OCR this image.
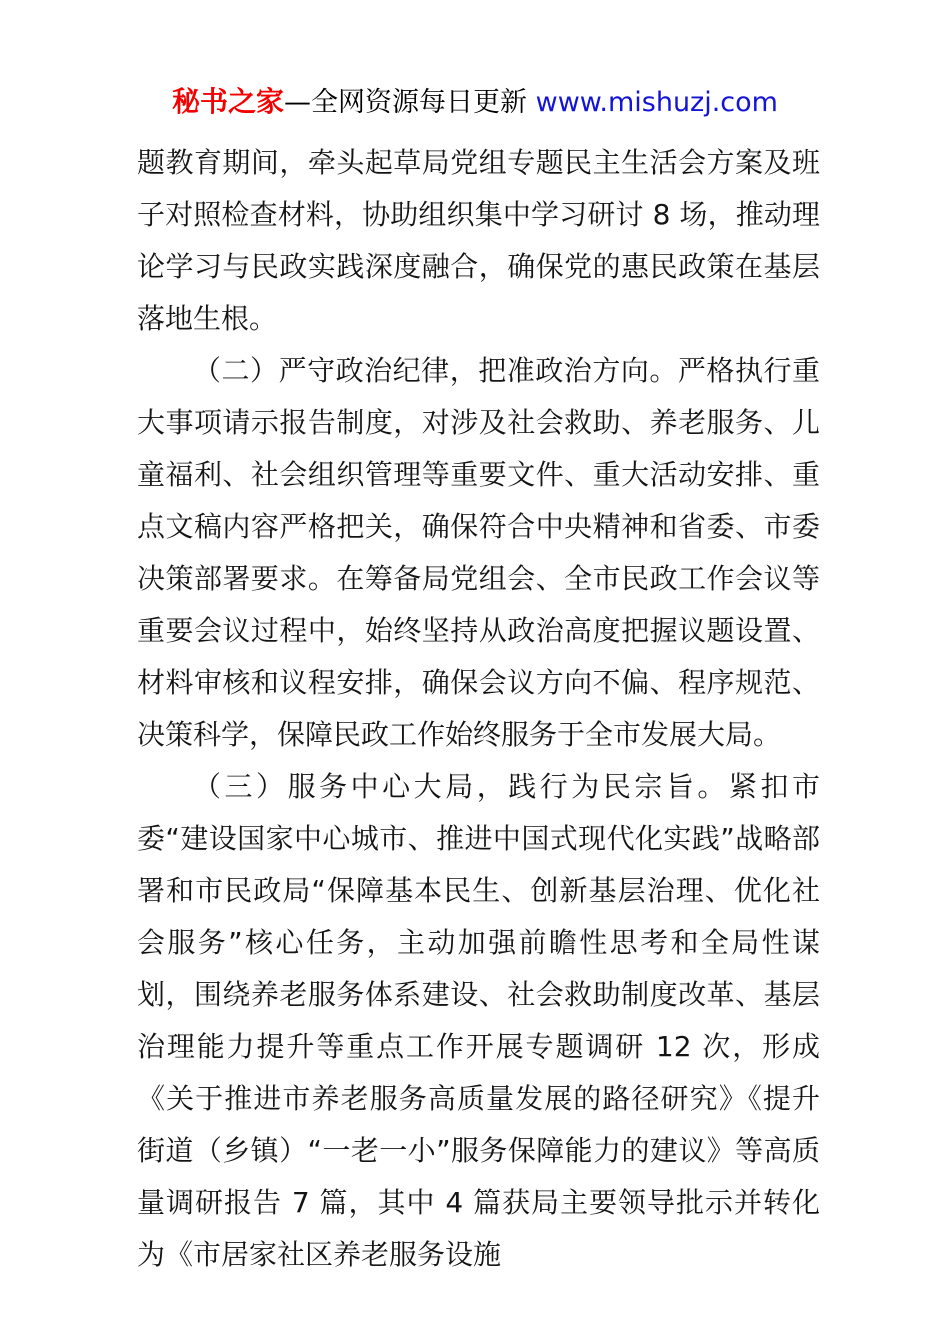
秘书之家—全网资源每日更新 www.mishuzj.com

题教育期间，牵头起草局党组专题民主生活会方案及班子对照检查材料，协助组织集中学习研讨 8 场，推动理论学习与民政实践深度融合，确保党的惠民政策在基层落地生根。

（二）严守政治纪律，把准政治方向。严格执行重大事项请示报告制度，对涉及社会救助、养老服务、儿童福利、社会组织管理等重要文件、重大活动安排、重点文稿内容严格把关，确保符合中央精神和省委、市委决策部署要求。在筹备局党组会、全市民政工作会议等重要会议过程中，始终坚持从政治高度把握议题设置、材料审核和议程安排，确保会议方向不偏、程序规范、决策科学，保障民政工作始终服务于全市发展大局。

（三）服务中心大局，践行为民宗旨。紧扣市委“建设国家中心城市、推进中国式现代化实践”战略部署和市民政局“保障基本民生、创新基层治理、优化社会服务”核心任务，主动加强前瞻性思考和全局性谋划，围绕养老服务体系建设、社会救助制度改革、基层治理能力提升等重点工作开展专题调研 12 次，形成《关于推进市养老服务高质量发展的路径研究》《提升街道（乡镇）“一老一小”服务保障能力的建议》等高质量调研报告 7 篇，其中 4 篇获局主要领导批示并转化为《市居家社区养老服务设施
